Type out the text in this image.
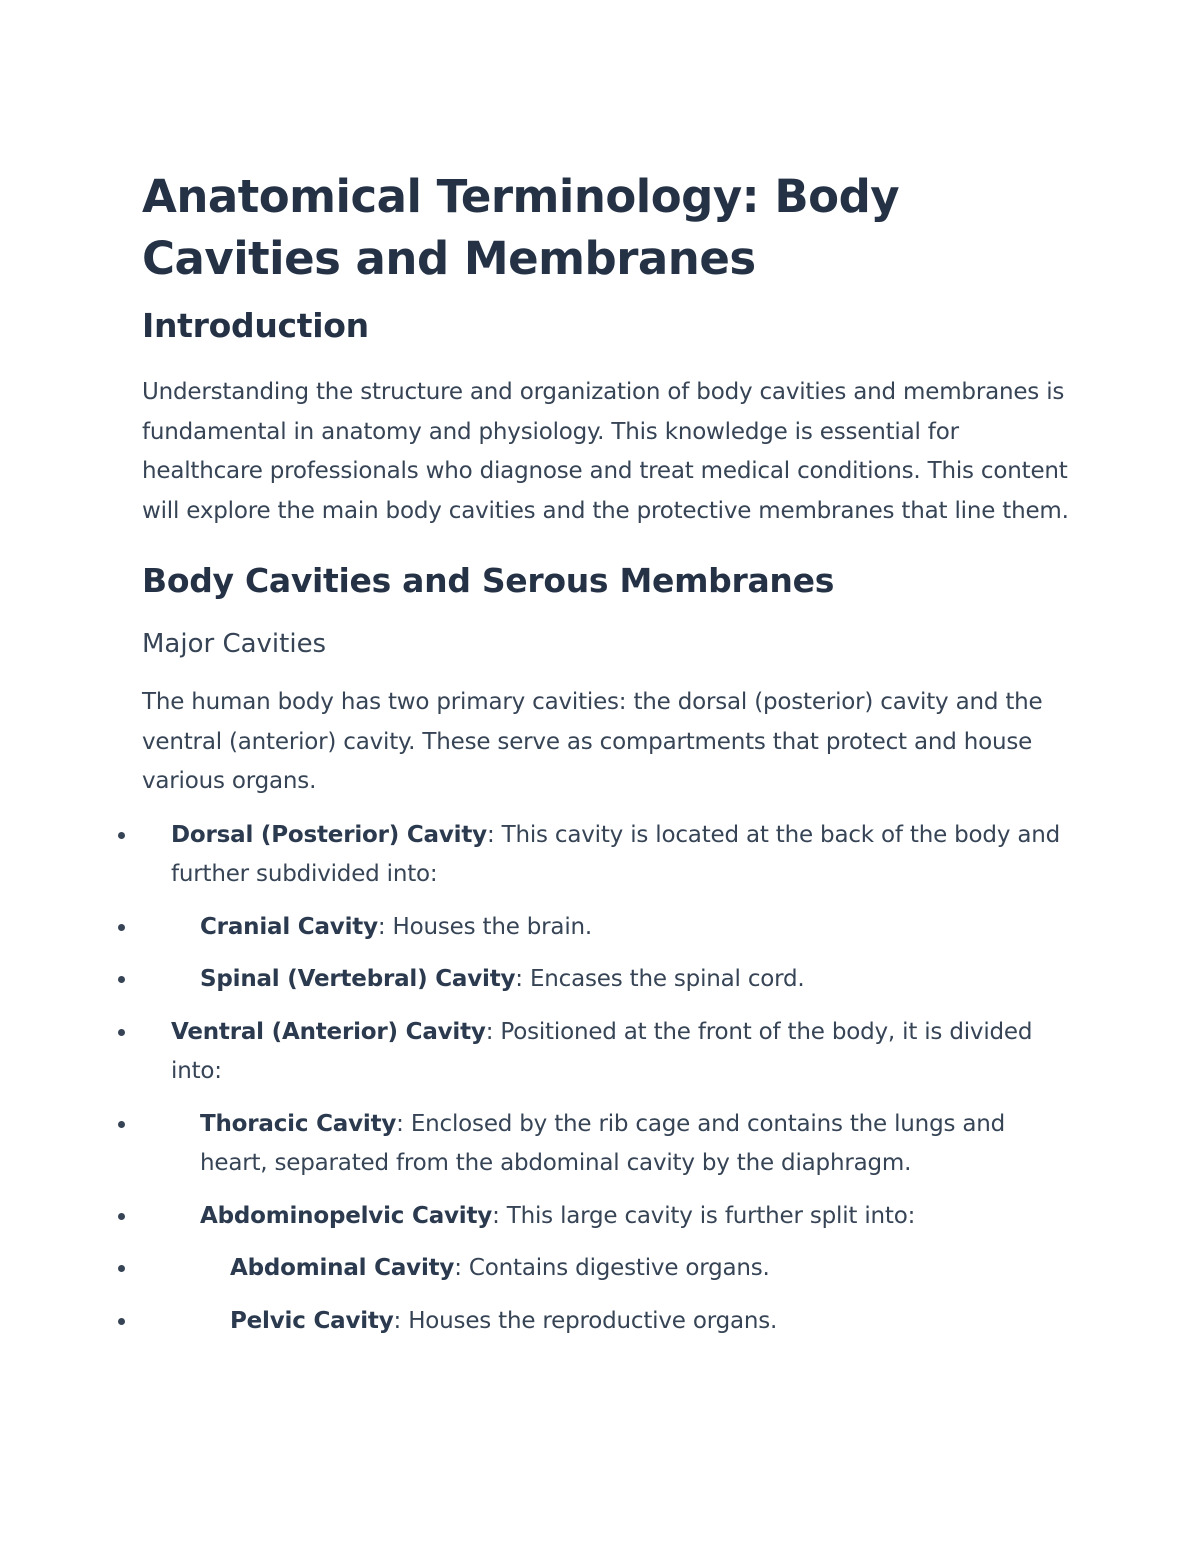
Anatomical Terminology: Body Cavities and Membranes
Introduction

Understanding the structure and organization of body cavities and membranes is fundamental in anatomy and physiology. This knowledge is essential for healthcare professionals who diagnose and treat medical conditions. This content will explore the main body cavities and the protective membranes that line them.

Body Cavities and Serous Membranes
Major Cavities

The human body has two primary cavities: the dorsal (posterior) cavity and the ventral (anterior) cavity. These serve as compartments that protect and house various organs.

Dorsal (Posterior) Cavity: This cavity is located at the back of the body and further subdivided into:
Cranial Cavity: Houses the brain.
Spinal (Vertebral) Cavity: Encases the spinal cord.
Ventral (Anterior) Cavity: Positioned at the front of the body, it is divided into:
Thoracic Cavity: Enclosed by the rib cage and contains the lungs and heart, separated from the abdominal cavity by the diaphragm.
Abdominopelvic Cavity: This large cavity is further split into:
Abdominal Cavity: Contains digestive organs.
Pelvic Cavity: Houses the reproductive organs.
